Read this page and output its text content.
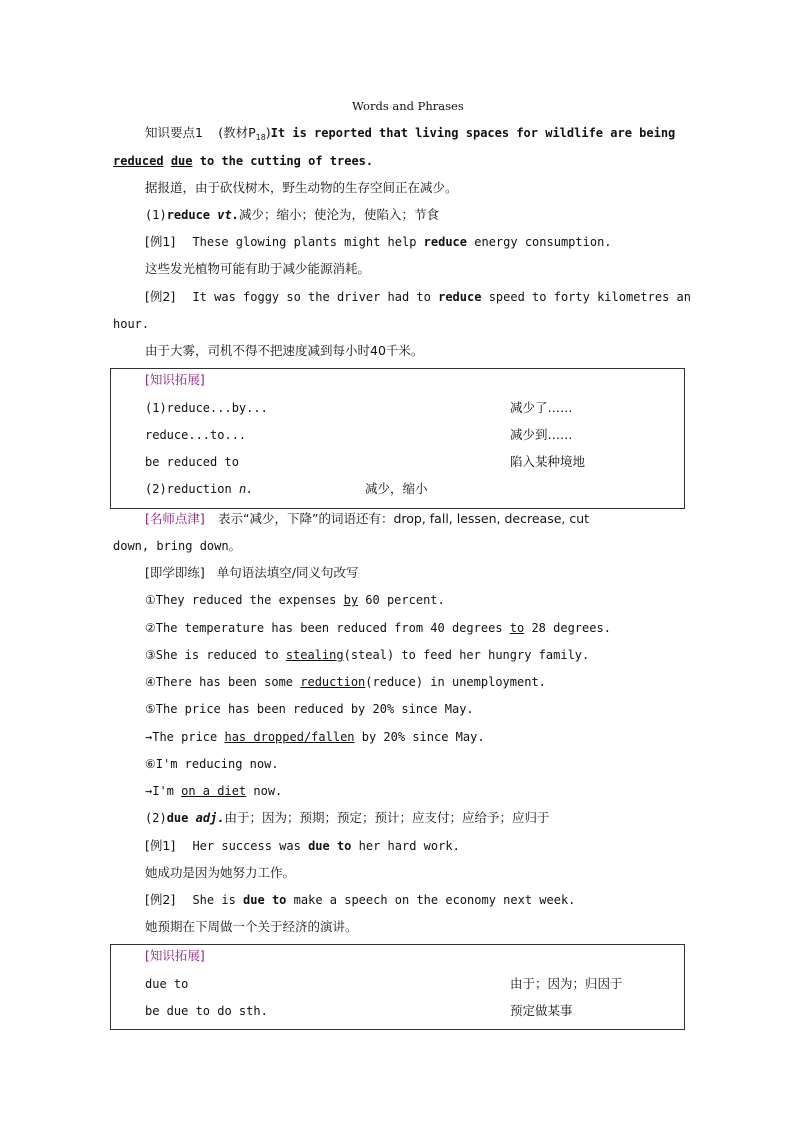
Words and Phrases
知识要点1 (教材$P_{18})It$ is reported that living spaces for wildlife are being
reduced due to the cutting of trees.
据报道，由于砍伐树木，野生动物的生存空间正在减少。
(1)reduce vt.减少；缩小；使沦为，使陷入；节食
[例1] These glowing plants might help reduce energy consumption.
这些发光植物可能有助于减少能源消耗。
[例2] It was foggy so the driver had to reduce speed to forty kilometres an
hour.
由于大雾，司机不得不把速度减到每小时40千米。
[知识拓展]
(1)reduce...by...	减少了……
reduce...to...	减少到……
be reduced to	陷入某种境地
(2)reduction n.	减少，缩小
[名师点津] 表示“减少，下降”的词语还有：drop, fall, lessen, decrease, cut
down, bring down。
[即学即练] 单句语法填空/同义句改写
①They reduced the expenses by 60 percent.
②The temperature has been reduced from 40 degrees to 28 degrees.
③She is reduced to stealing(steal) to feed her hungry family.
④There has been some reduction(reduce) in unemployment.
⑤The price has been reduced by 20% since May.
→The price has dropped/fallen by 20% since May.
⑥I'm reducing now.
→I'm on a diet now.
(2)due adj.由于；因为；预期；预定；预计；应支付；应给予；应归于
[例1] Her success was due to her hard work.
她成功是因为她努力工作。
[例2] She is due to make a speech on the economy next week.
她预期在下周做一个关于经济的演讲。
[知识拓展]
due to	由于；因为；归因于
be due to do sth.	预定做某事
